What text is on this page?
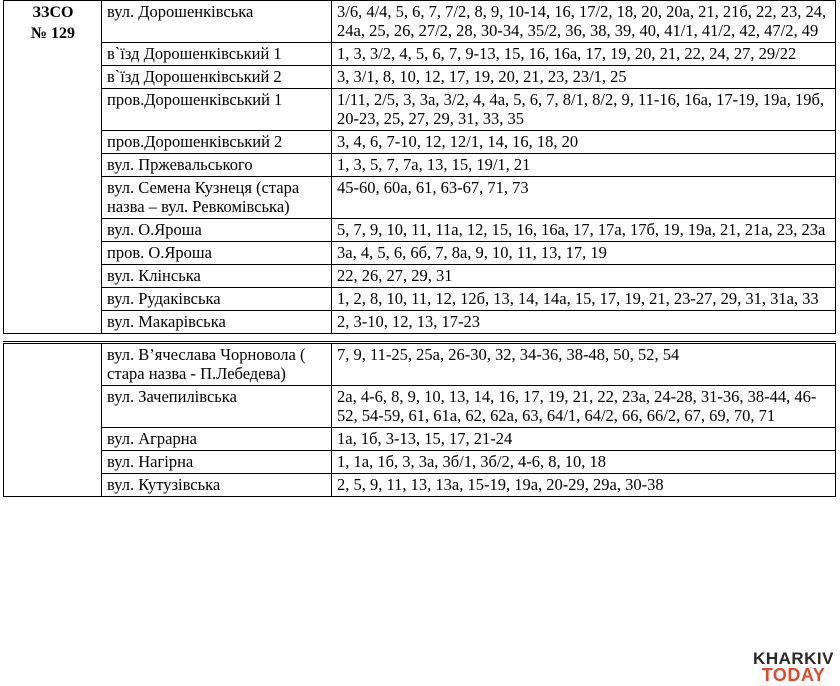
ЗЗСО
№ 129	вул. Дорошенківська	3/6, 4/4, 5, 6, 7, 7/2, 8, 9, 10-14, 16, 17/2, 18, 20, 20а, 21, 21б, 22, 23, 24, 24а, 25, 26, 27/2, 28, 30-34, 35/2, 36, 38, 39, 40, 41/1, 41/2, 42, 47/2, 49
	в`їзд Дорошенківський 1	1, 3, 3/2, 4, 5, 6, 7, 9-13, 15, 16, 16а, 17, 19, 20, 21, 22, 24, 27, 29/22
	в`їзд Дорошенківський 2	3, 3/1, 8, 10, 12, 17, 19, 20, 21, 23, 23/1, 25
	пров.Дорошенківський 1	1/11, 2/5, 3, 3а, 3/2, 4, 4а, 5, 6, 7, 8/1, 8/2, 9, 11-16, 16а, 17-19, 19а, 19б, 20-23, 25, 27, 29, 31, 33, 35
	пров.Дорошенківський 2	3, 4, 6, 7-10, 12, 12/1, 14, 16, 18, 20
	вул. Пржевальського	1, 3, 5, 7, 7а, 13, 15, 19/1, 21
	вул. Семена Кузнеця (стара назва – вул. Ревкомівська)	45-60, 60а, 61, 63-67, 71, 73
	вул. О.Яроша	5, 7, 9, 10, 11, 11а, 12, 15, 16, 16а, 17, 17а, 17б, 19, 19а, 21, 21а, 23, 23а
	пров. О.Яроша	3а, 4, 5, 6, 6б, 7, 8а, 9, 10, 11, 13, 17, 19
	вул. Клінська	22, 26, 27, 29, 31
	вул. Рудаківська	1, 2, 8, 10, 11, 12, 12б, 13, 14, 14а, 15, 17, 19, 21, 23-27, 29, 31, 31а, 33
	вул. Макарівська	2, 3-10, 12, 13, 17-23

	вул. В’ячеслава Чорновола ( стара назва - П.Лебедева)	7, 9, 11-25, 25а, 26-30, 32, 34-36, 38-48, 50, 52, 54
	вул. Зачепилівська	2а, 4-6, 8, 9, 10, 13, 14, 16, 17, 19, 21, 22, 23а, 24-28, 31-36, 38-44, 46-52, 54-59, 61, 61а, 62, 62а, 63, 64/1, 64/2, 66, 66/2, 67, 69, 70, 71
	вул. Аграрна	1а, 1б, 3-13, 15, 17, 21-24
	вул. Нагірна	1, 1а, 1б, 3, 3а, 3б/1, 3б/2, 4-6, 8, 10, 18
	вул. Кутузівська	2, 5, 9, 11, 13, 13а, 15-19, 19а, 20-29, 29а, 30-38
KHARKIV
TODAY
